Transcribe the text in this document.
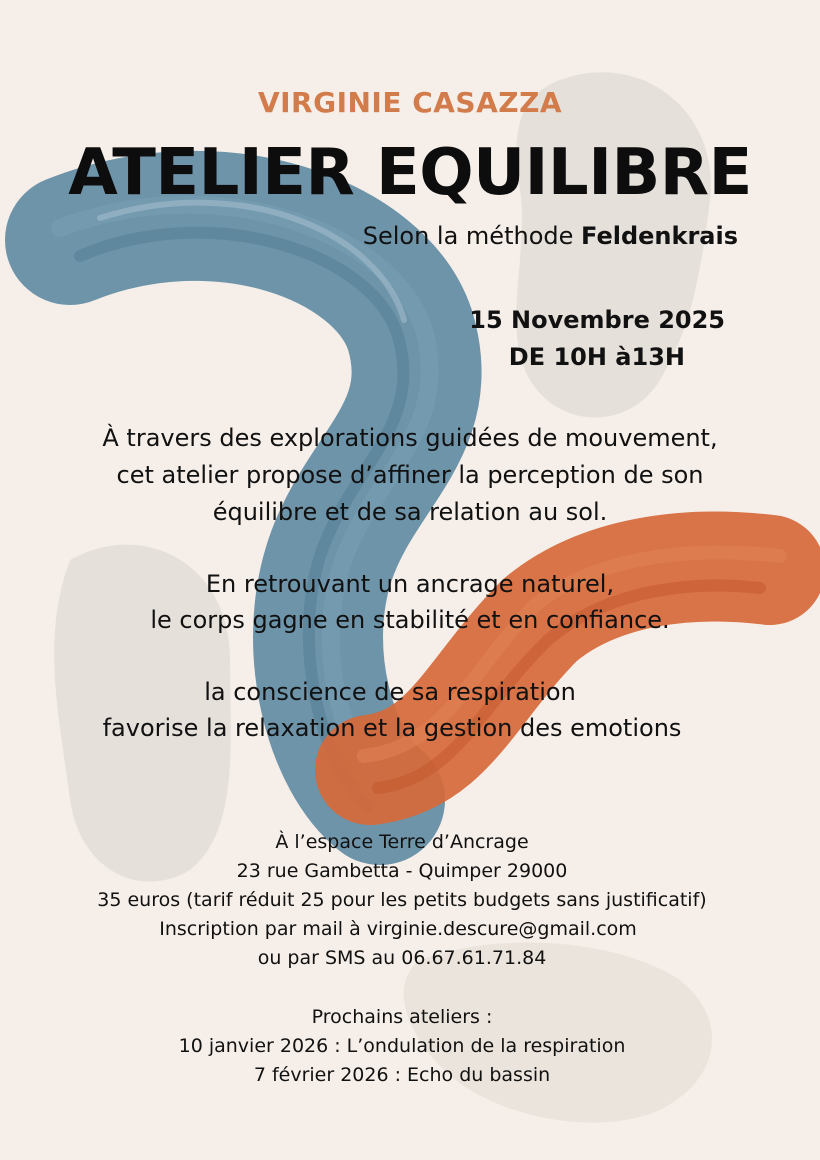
VIRGINIE CASAZZA
ATELIER EQUILIBRE
Selon la méthode Feldenkrais
15 Novembre 2025
DE 10H à13H
À travers des explorations guidées de mouvement,
cet atelier propose d’affiner la perception de son
équilibre et de sa relation au sol.
En retrouvant un ancrage naturel,
le corps gagne en stabilité et en confiance.
la conscience de sa respiration
favorise la relaxation et la gestion des emotions
À l’espace Terre d’Ancrage
23 rue Gambetta - Quimper 29000
35 euros (tarif réduit 25 pour les petits budgets sans justificatif)
Inscription par mail à virginie.descure@gmail.com
ou par SMS au 06.67.61.71.84
Prochains ateliers :
10 janvier 2026 : L’ondulation de la respiration
7 février 2026 : Echo du bassin
